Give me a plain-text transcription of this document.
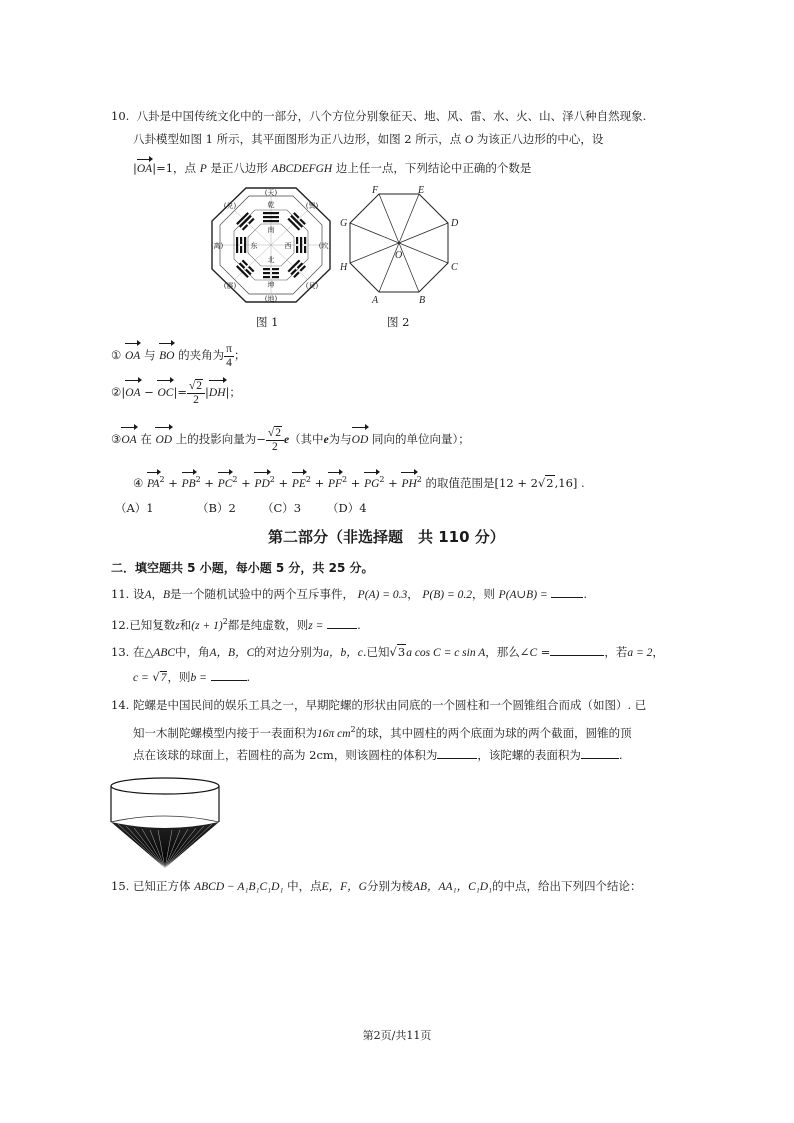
10. 八卦是中国传统文化中的一部分，八个方位分别象征天、地、风、雷、水、火、山、泽八种自然现象.
八卦模型如图 1 所示，其平面图形为正八边形，如图 2 所示，点 O 为该正八边形的中心，设
|OA|=1，点 P 是正八边形 ABCDEFGH 边上任一点，下列结论中正确的个数是
(天)
(地)
(离)	(坎)
(兑)	(巽)
(震)	(艮)
南
乾
北
坤
东	西
F	E
D
C
B
A
H
G
O
图 1	图 2
① OA 与 BO 的夹角为 $\frac{\pi}{4}$ ；
②|OA − $OC|= \frac{√2}{2} |DH|$；
③OA 在 OD 上的投影向量为− $\frac{√2}{2} e$（其中e为与OD 同向的单位向量）；
④ $PA^2 + PB^2 + PC^2 + PD^2 + PE^2 + PF^2 + PG^2 + PH^2$ 的取值范围是[12 + 2√2,16] .
（A）1	（B）2 （C）3 （D）4
第二部分（非选择题　共 110 分）
二．填空题共 5 小题，每小题 5 分，共 25 分。
11. 设A，B是一个随机试验中的两个互斥事件， P(A) = 0.3， P(B) = 0.2，则 P(A∪B) =	.
12.已知复数z和$(z + 1)^2$都是纯虚数，则z =	.
13. 在△ABC中，角A，B，C的对边分别为a，b，c.已知√3a cos C = c sin A，那么∠C =	，若a = 2，
c = √7，则b =	.
14. 陀螺是中国民间的娱乐工具之一，早期陀螺的形状由同底的一个圆柱和一个圆锥组合而成（如图）. 已
知一木制陀螺模型内接于一表面积为16π $cm^2$的球，其中圆柱的两个底面为球的两个截面，圆锥的顶
点在该球的球面上，若圆柱的高为 2cm，则该圆柱的体积为	，该陀螺的表面积为	.
15. 已知正方体 ABCD − A₁B₁C₁D₁ 中，点E，F，G分别为棱AB，AA₁，C₁D₁的中点，给出下列四个结论：
第2页/共11页
